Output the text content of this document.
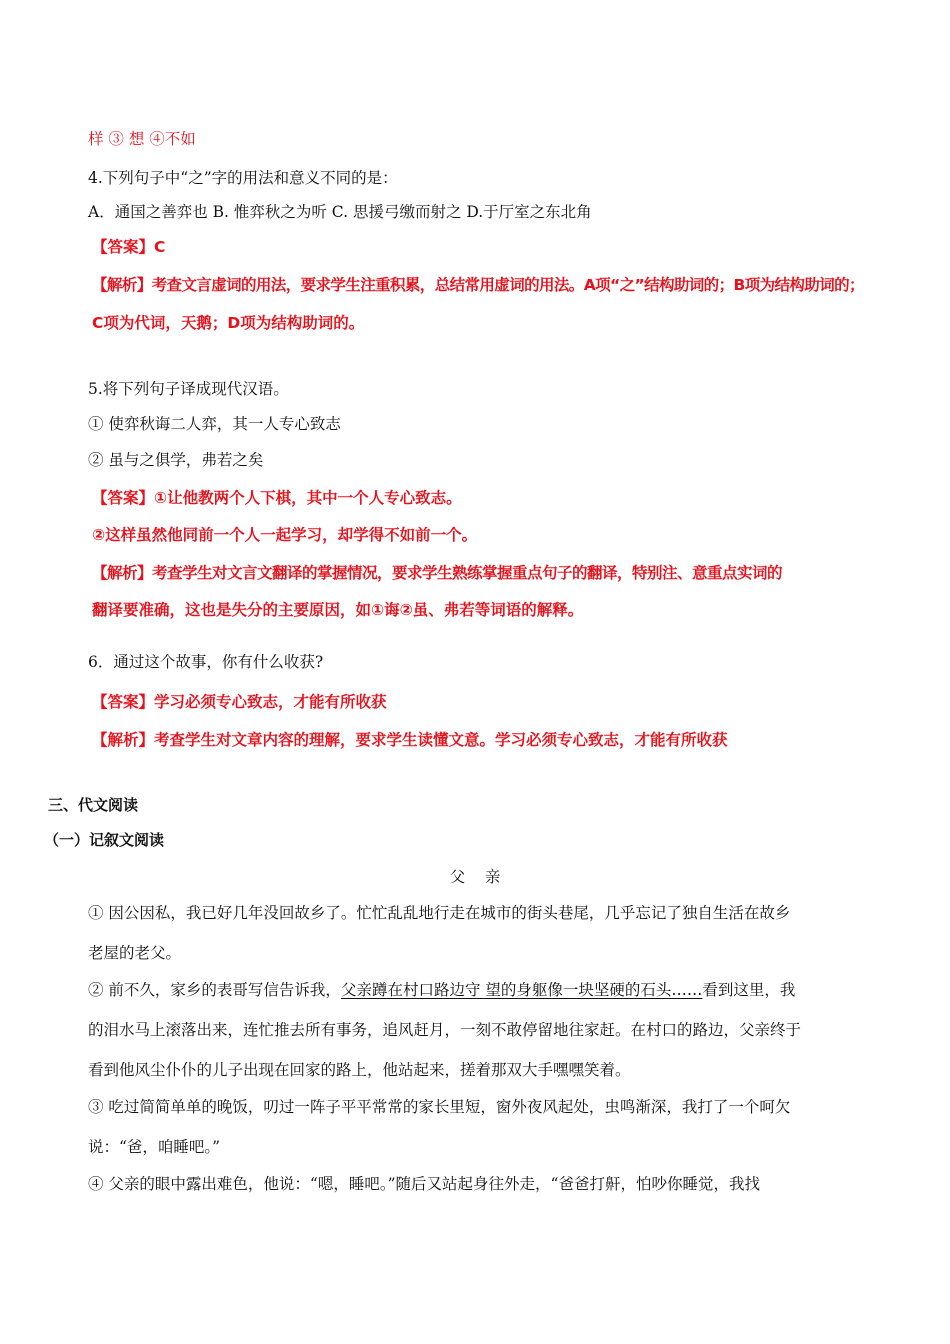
样 ③ 想 ④不如
4.下列句子中“之”字的用法和意义不同的是：
A．通国之善弈也 B. 惟弈秋之为听 C. 思援弓缴而射之 D.于厅室之东北角
【答案】C
【解析】考查文言虚词的用法，要求学生注重积累，总结常用虚词的用法。A项“之”结构助词的；B项为结构助词的；
C项为代词，天鹅；D项为结构助词的。
5.将下列句子译成现代汉语。
① 使弈秋诲二人弈，其一人专心致志
② 虽与之俱学，弗若之矣
【答案】①让他教两个人下棋，其中一个人专心致志。
②这样虽然他同前一个人一起学习，却学得不如前一个。
【解析】考查学生对文言文翻译的掌握情况，要求学生熟练掌握重点句子的翻译，特别注、意重点实词的
翻译要准确，这也是失分的主要原因，如①诲②虽、弗若等词语的解释。
6．通过这个故事，你有什么收获?
【答案】学习必须专心致志，才能有所收获
【解析】考查学生对文章内容的理解，要求学生读懂文意。学习必须专心致志，才能有所收获
三、代文阅读
（一）记叙文阅读
父    亲
① 因公因私，我已好几年没回故乡了。忙忙乱乱地行走在城市的街头巷尾，几乎忘记了独自生活在故乡
老屋的老父。
② 前不久，家乡的表哥写信告诉我，父亲蹲在村口路边守 望的身躯像一块坚硬的石头……看到这里，我
的泪水马上滚落出来，连忙推去所有事务，追风赶月，一刻不敢停留地往家赶。在村口的路边，父亲终于
看到他风尘仆仆的儿子出现在回家的路上，他站起来，搓着那双大手嘿嘿笑着。
③ 吃过简简单单的晚饭，叨过一阵子平平常常的家长里短，窗外夜风起处，虫鸣渐深，我打了一个呵欠
说：“爸，咱睡吧。”
④ 父亲的眼中露出难色，他说：“嗯，睡吧。”随后又站起身往外走，“爸爸打鼾，怕吵你睡觉，我找
